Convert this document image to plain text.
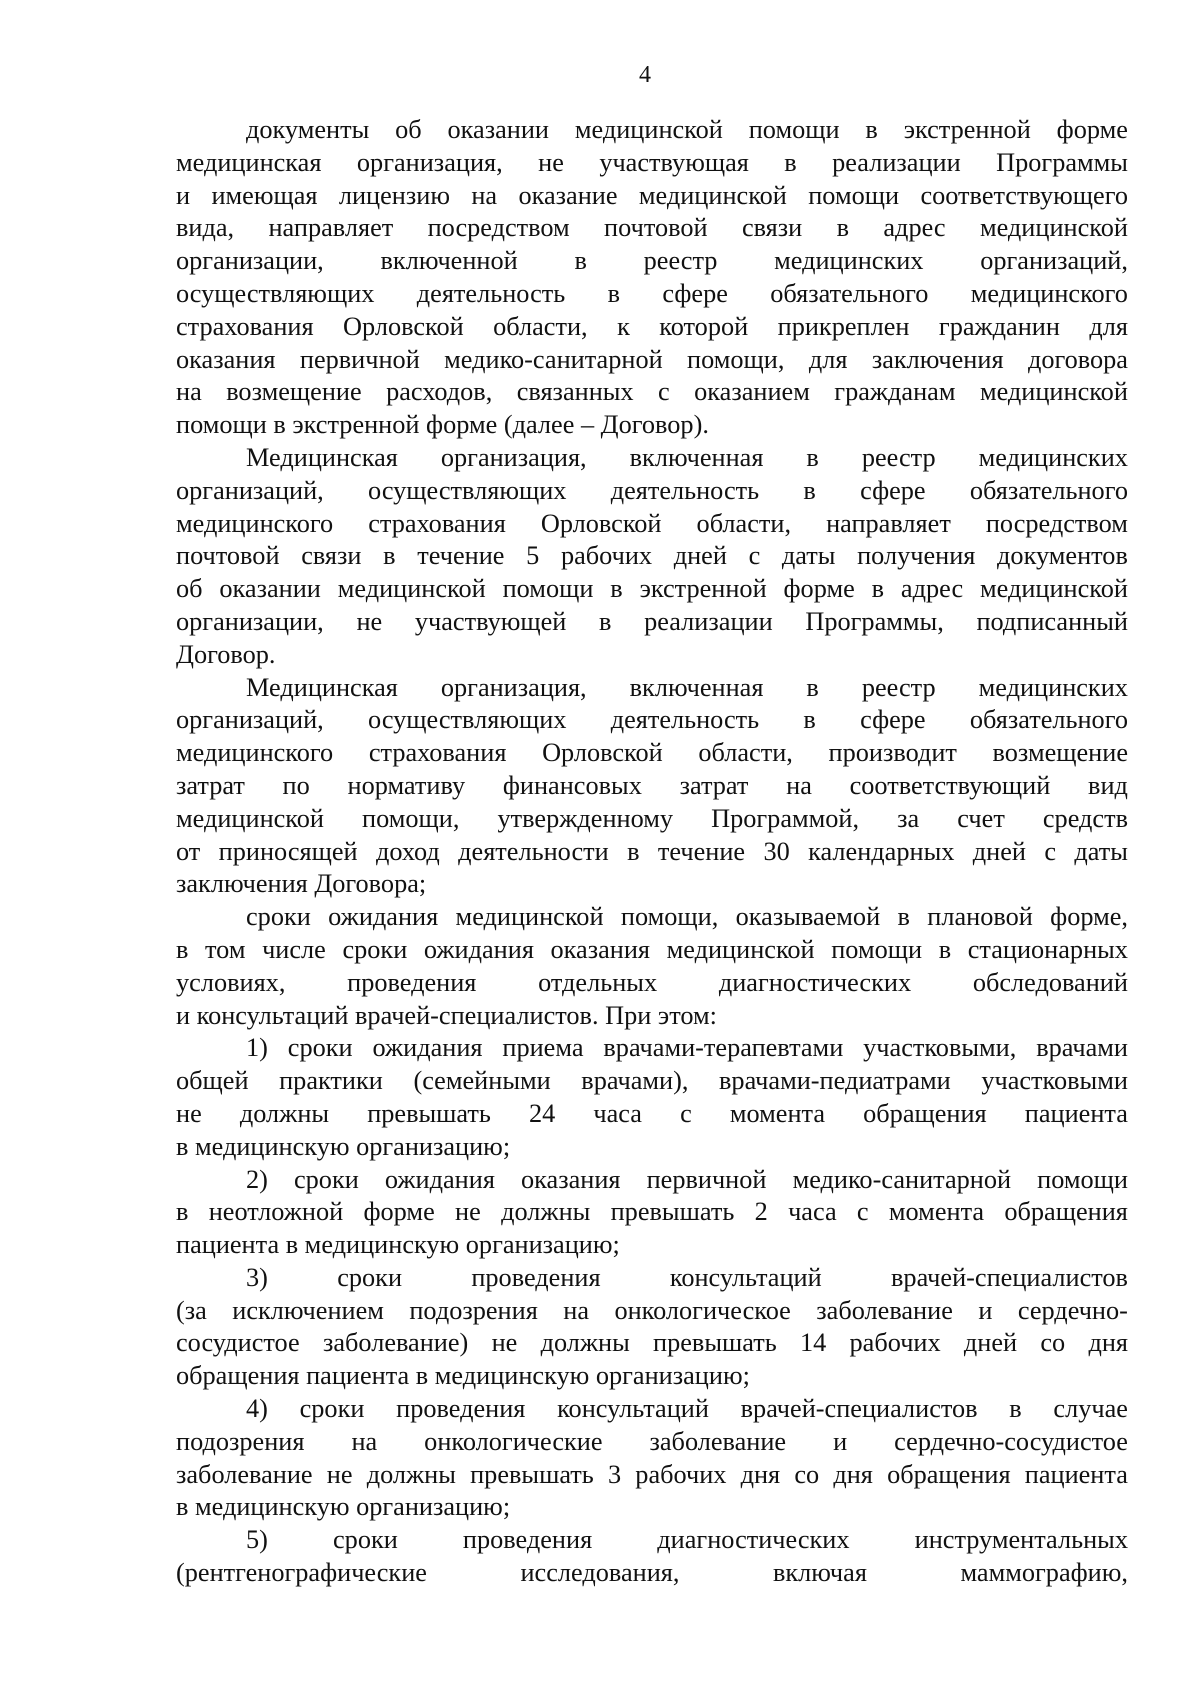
4
документы об оказании медицинской помощи в экстренной форме
медицинская организация, не участвующая в реализации Программы
и имеющая лицензию на оказание медицинской помощи соответствующего
вида, направляет посредством почтовой связи в адрес медицинской
организации, включенной в реестр медицинских организаций,
осуществляющих деятельность в сфере обязательного медицинского
страхования Орловской области, к которой прикреплен гражданин для
оказания первичной медико-санитарной помощи, для заключения договора
на возмещение расходов, связанных с оказанием гражданам медицинской
помощи в экстренной форме (далее – Договор).
Медицинская организация, включенная в реестр медицинских
организаций, осуществляющих деятельность в сфере обязательного
медицинского страхования Орловской области, направляет посредством
почтовой связи в течение 5 рабочих дней с даты получения документов
об оказании медицинской помощи в экстренной форме в адрес медицинской
организации, не участвующей в реализации Программы, подписанный
Договор.
Медицинская организация, включенная в реестр медицинских
организаций, осуществляющих деятельность в сфере обязательного
медицинского страхования Орловской области, производит возмещение
затрат по нормативу финансовых затрат на соответствующий вид
медицинской помощи, утвержденному Программой, за счет средств
от приносящей доход деятельности в течение 30 календарных дней с даты
заключения Договора;
сроки ожидания медицинской помощи, оказываемой в плановой форме,
в том числе сроки ожидания оказания медицинской помощи в стационарных
условиях, проведения отдельных диагностических обследований
и консультаций врачей-специалистов. При этом:
1) сроки ожидания приема врачами-терапевтами участковыми, врачами
общей практики (семейными врачами), врачами-педиатрами участковыми
не должны превышать 24 часа с момента обращения пациента
в медицинскую организацию;
2) сроки ожидания оказания первичной медико-санитарной помощи
в неотложной форме не должны превышать 2 часа с момента обращения
пациента в медицинскую организацию;
3)	сроки	проведения	консультаций	врачей-специалистов
(за исключением подозрения на онкологическое заболевание и сердечно-
сосудистое заболевание) не должны превышать 14 рабочих дней со дня
обращения пациента в медицинскую организацию;
4) сроки проведения консультаций врачей-специалистов в случае
подозрения на онкологические заболевание и сердечно-сосудистое
заболевание не должны превышать 3 рабочих дня со дня обращения пациента
в медицинскую организацию;
5) сроки проведения диагностических инструментальных
(рентгенографические	исследования,	включая	маммографию,
